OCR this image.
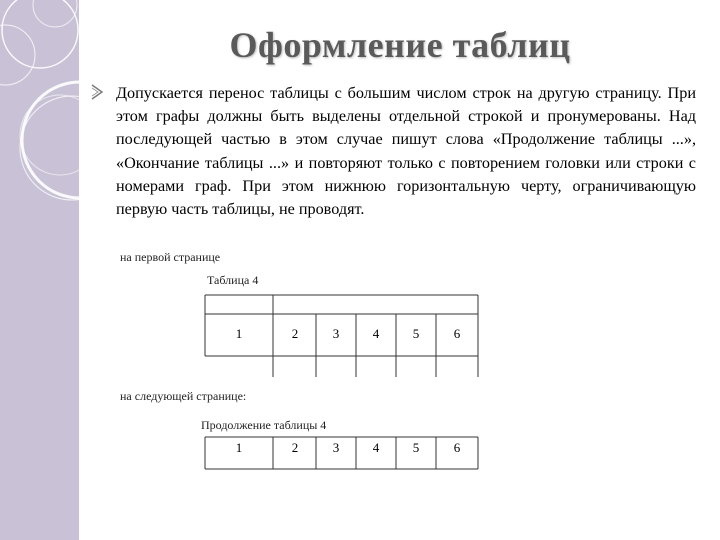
Оформление таблиц

Допускается перенос таблицы с большим числом строк на другую страницу. При этом графы должны быть выделены отдельной строкой и пронумерованы. Над последующей частью в этом случае пишут слова «Продолжение таблицы ...», «Окончание таблицы ...» и повторяют только с повторением головки или строки с номерами граф. При этом нижнюю горизонтальную черту, ограничивающую первую часть таблицы, не проводят.

на первой странице
Таблица 4
1	2	3	4	5	6
на следующей странице:
Продолжение таблицы 4
1	2	3	4	5	6
